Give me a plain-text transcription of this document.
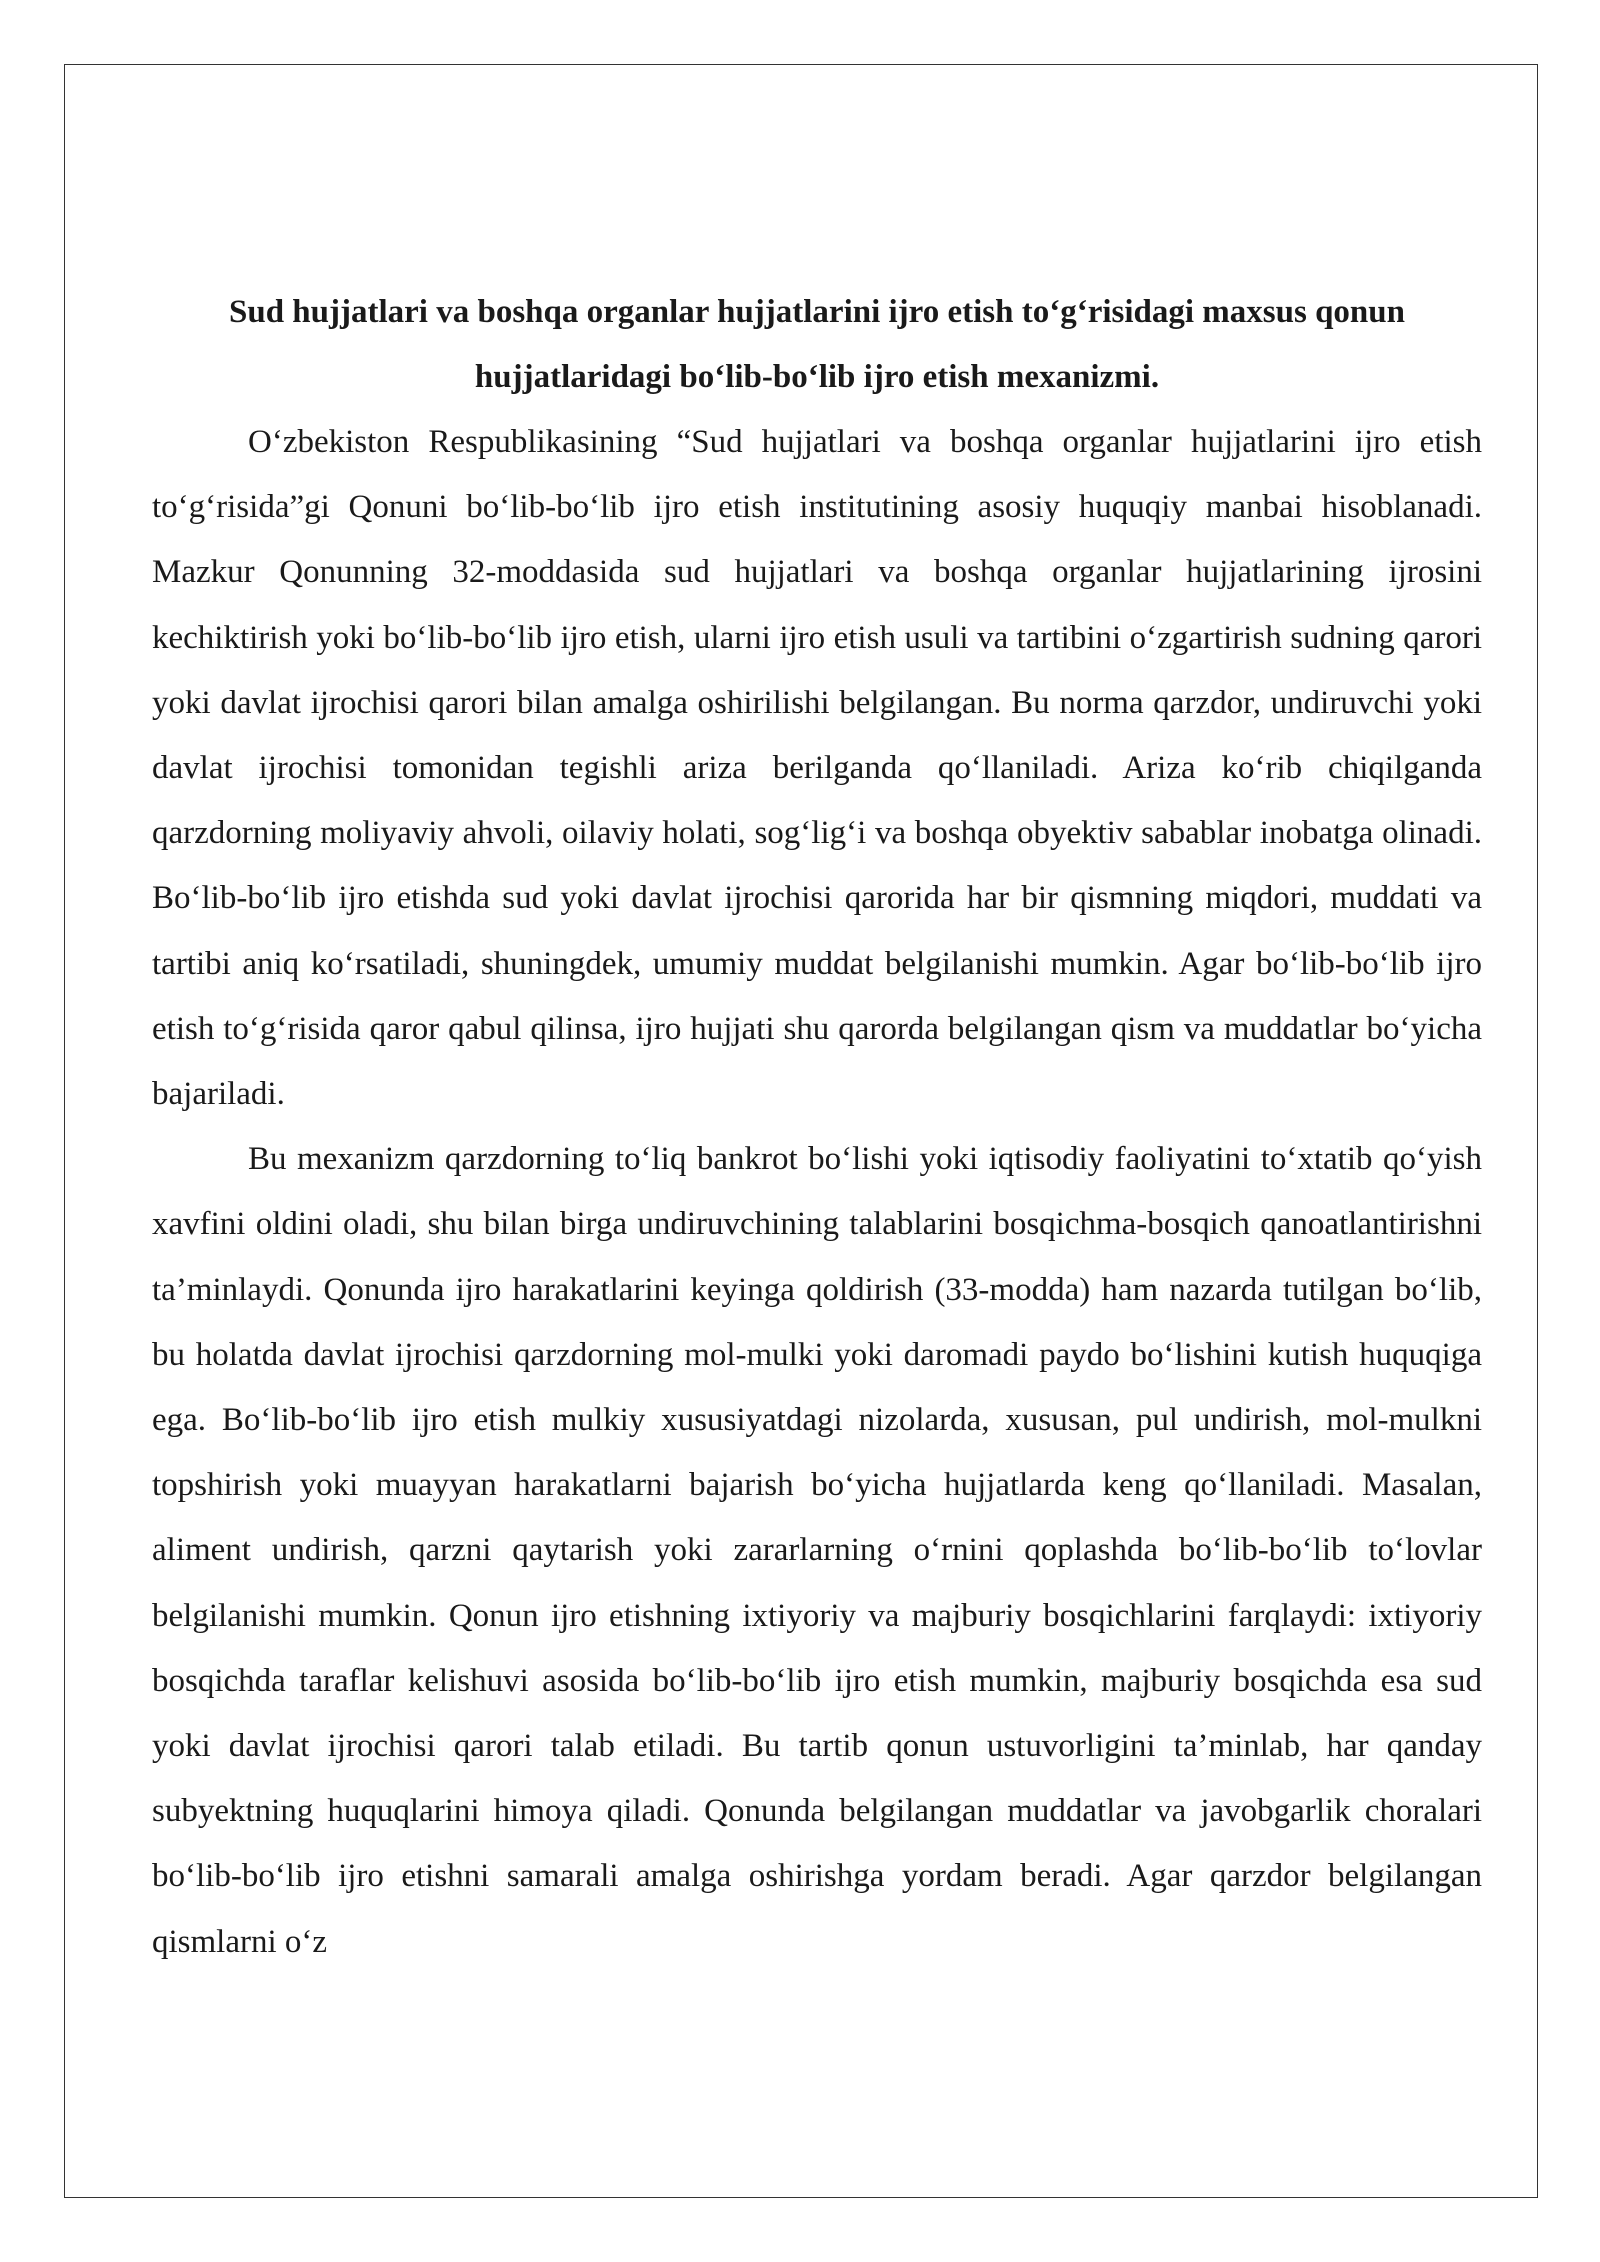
Sud hujjatlari va boshqa organlar hujjatlarini ijro etish to‘g‘risidagi maxsus qonun hujjatlaridagi bo‘lib-bo‘lib ijro etish mexanizmi.

O‘zbekiston Respublikasining “Sud hujjatlari va boshqa organlar hujjatlarini ijro etish to‘g‘risida”gi Qonuni bo‘lib-bo‘lib ijro etish institutining asosiy huquqiy manbai hisoblanadi. Mazkur Qonunning 32-moddasida sud hujjatlari va boshqa organlar hujjatlarining ijrosini kechiktirish yoki bo‘lib-bo‘lib ijro etish, ularni ijro etish usuli va tartibini o‘zgartirish sudning qarori yoki davlat ijrochisi qarori bilan amalga oshirilishi belgilangan. Bu norma qarzdor, undiruvchi yoki davlat ijrochisi tomonidan tegishli ariza berilganda qo‘llaniladi. Ariza ko‘rib chiqilganda qarzdorning moliyaviy ahvoli, oilaviy holati, sog‘lig‘i va boshqa obyektiv sabablar inobatga olinadi. Bo‘lib-bo‘lib ijro etishda sud yoki davlat ijrochisi qarorida har bir qismning miqdori, muddati va tartibi aniq ko‘rsatiladi, shuningdek, umumiy muddat belgilanishi mumkin. Agar bo‘lib-bo‘lib ijro etish to‘g‘risida qaror qabul qilinsa, ijro hujjati shu qarorda belgilangan qism va muddatlar bo‘yicha bajariladi.

Bu mexanizm qarzdorning to‘liq bankrot bo‘lishi yoki iqtisodiy faoliyatini to‘xtatib qo‘yish xavfini oldini oladi, shu bilan birga undiruvchining talablarini bosqichma-bosqich qanoatlantirishni ta’minlaydi. Qonunda ijro harakatlarini keyinga qoldirish (33-modda) ham nazarda tutilgan bo‘lib, bu holatda davlat ijrochisi qarzdorning mol-mulki yoki daromadi paydo bo‘lishini kutish huquqiga ega. Bo‘lib-bo‘lib ijro etish mulkiy xususiyatdagi nizolarda, xususan, pul undirish, mol-mulkni topshirish yoki muayyan harakatlarni bajarish bo‘yicha hujjatlarda keng qo‘llaniladi. Masalan, aliment undirish, qarzni qaytarish yoki zararlarning o‘rnini qoplashda bo‘lib-bo‘lib to‘lovlar belgilanishi mumkin. Qonun ijro etishning ixtiyoriy va majburiy bosqichlarini farqlaydi: ixtiyoriy bosqichda taraflar kelishuvi asosida bo‘lib-bo‘lib ijro etish mumkin, majburiy bosqichda esa sud yoki davlat ijrochisi qarori talab etiladi. Bu tartib qonun ustuvorligini ta’minlab, har qanday subyektning huquqlarini himoya qiladi. Qonunda belgilangan muddatlar va javobgarlik choralari bo‘lib-bo‘lib ijro etishni samarali amalga oshirishga yordam beradi. Agar qarzdor belgilangan qismlarni o‘z
